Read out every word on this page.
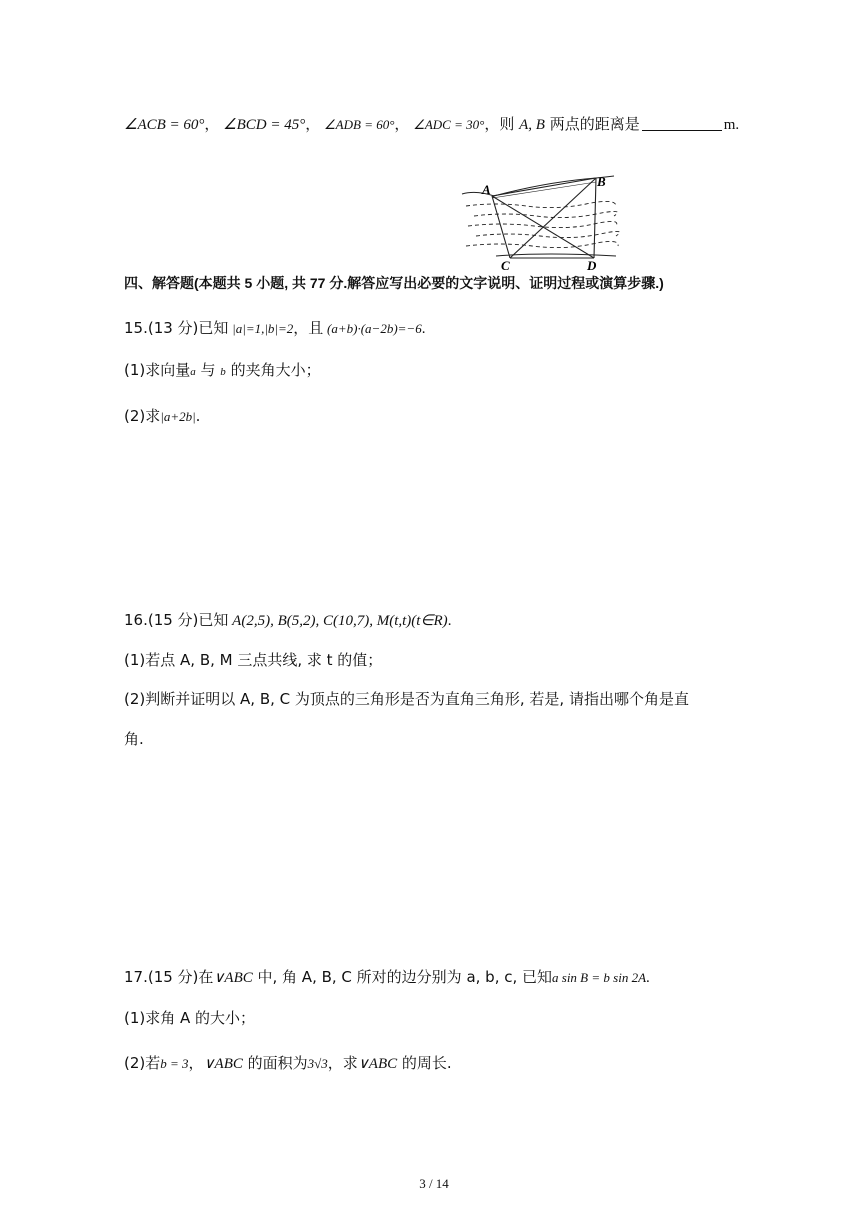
∠ACB = 60°， ∠BCD = 45°， ∠ADB = 60°， ∠ADC = 30°，则 A, B 两点的距离是	m.
A
B
C	D
四、解答题(本题共 5 小题, 共 77 分.解答应写出必要的文字说明、证明过程或演算步骤.)
15.(13 分)已知 |a|=1,|b|=2，且 (a+b)·(a−2b)=−6.
(1)求向量a 与 b 的夹角大小；
(2)求|a+2b|.
16.(15 分)已知 A(2,5), B(5,2), C(10,7), M(t,t)(t∈R).
(1)若点 A, B, M 三点共线, 求 t 的值；
(2)判断并证明以 A, B, C 为顶点的三角形是否为直角三角形, 若是, 请指出哪个角是直
角.
17.(15 分)在∨ABC 中, 角 A, B, C 所对的边分别为 a, b, c, 已知a sin B = b sin 2A.
(1)求角 A 的大小；
(2)若b = 3，∨ABC 的面积为3√3，求∨ABC 的周长.
3 / 14
